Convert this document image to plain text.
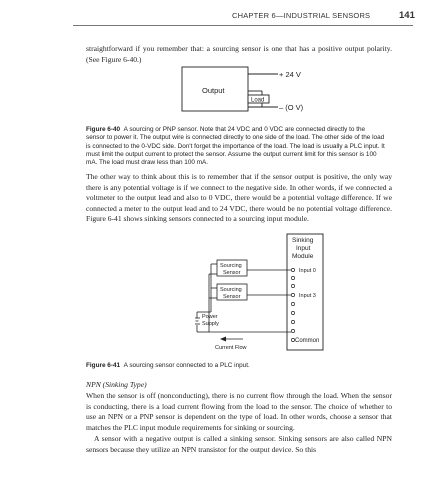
CHAPTER 6—INDUSTRIAL SENSORS	141

straightforward if you remember that: a sourcing sensor is one that has a positive output polarity. (See Figure 6-40.)

Output
Load
+ 24 V
– (O V)

Figure 6-40 A sourcing or PNP sensor. Note that 24 VDC and 0 VDC are connected directly to the sensor to power it. The output wire is connected directly to one side of the load. The other side of the load is connected to the 0-VDC side. Don't forget the importance of the load. The load is usually a PLC input. It must limit the output current to protect the sensor. Assume the output current limit for this sensor is 100 mA. The load must draw less than 100 mA.

The other way to think about this is to remember that if the sensor output is positive, the only way there is any potential voltage is if we connect to the negative side. In other words, if we connected a voltmeter to the output lead and also to 0 VDC, there would be a potential voltage difference. If we connected a meter to the output lead and to 24 VDC, there would be no potential voltage difference. Figure 6-41 shows sinking sensors connected to a sourcing input module.

Sinking
Input
Module
Input 0
Input 3
Common
Sourcing
Sensor
Sourcing
Sensor
Power
Supply
Current Flow

Figure 6-41 A sourcing sensor connected to a PLC input.

NPN (Sinking Type)

When the sensor is off (nonconducting), there is no current flow through the load. When the sensor is conducting, there is a load current flowing from the load to the sensor. The choice of whether to use an NPN or a PNP sensor is dependent on the type of load. In other words, choose a sensor that matches the PLC input module requirements for sinking or sourcing.

A sensor with a negative output is called a sinking sensor. Sinking sensors are also called NPN sensors because they utilize an NPN transistor for the output device. So this
